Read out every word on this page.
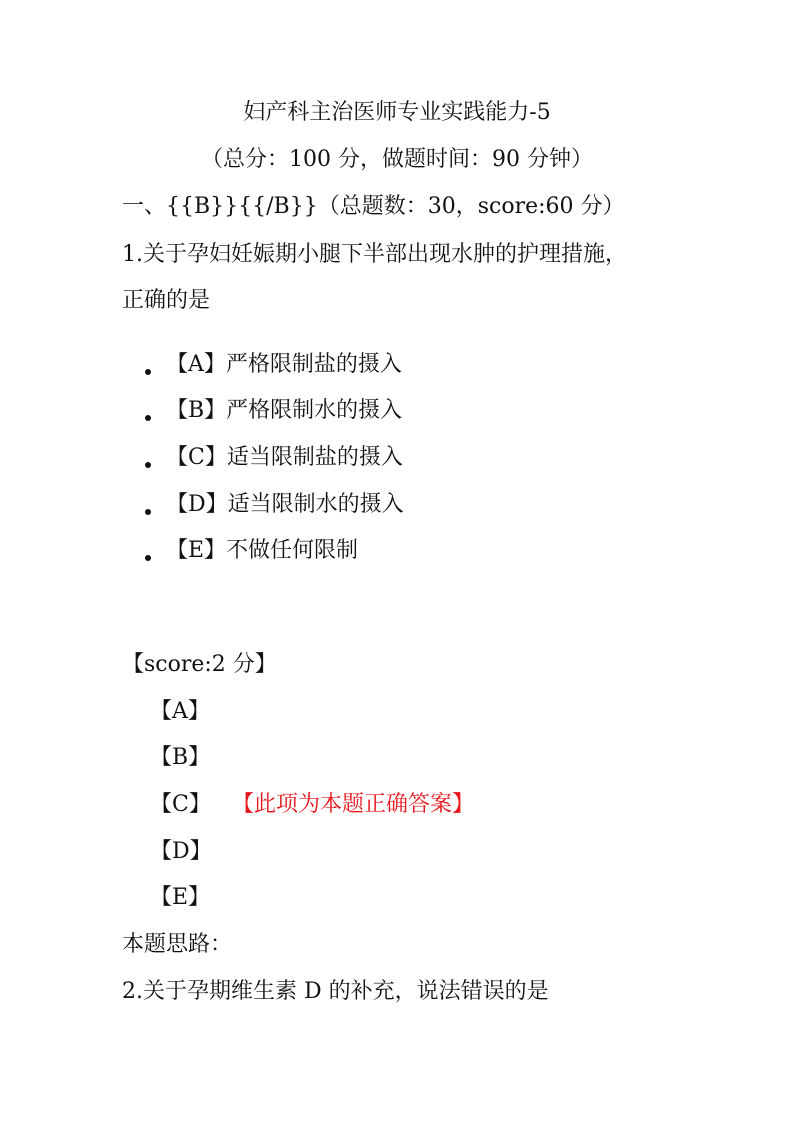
妇产科主治医师专业实践能力-5
（总分：100 分，做题时间：90 分钟）
一、{{B}}{{/B}}（总题数：30，score:60 分）
1.关于孕妇妊娠期小腿下半部出现水肿的护理措施，
正确的是
【A】严格限制盐的摄入
【B】严格限制水的摄入
【C】适当限制盐的摄入
【D】适当限制水的摄入
【E】不做任何限制
【score:2 分】
【A】
【B】
【C】 【此项为本题正确答案】
【D】
【E】
本题思路：
2.关于孕期维生素 D 的补充，说法错误的是
